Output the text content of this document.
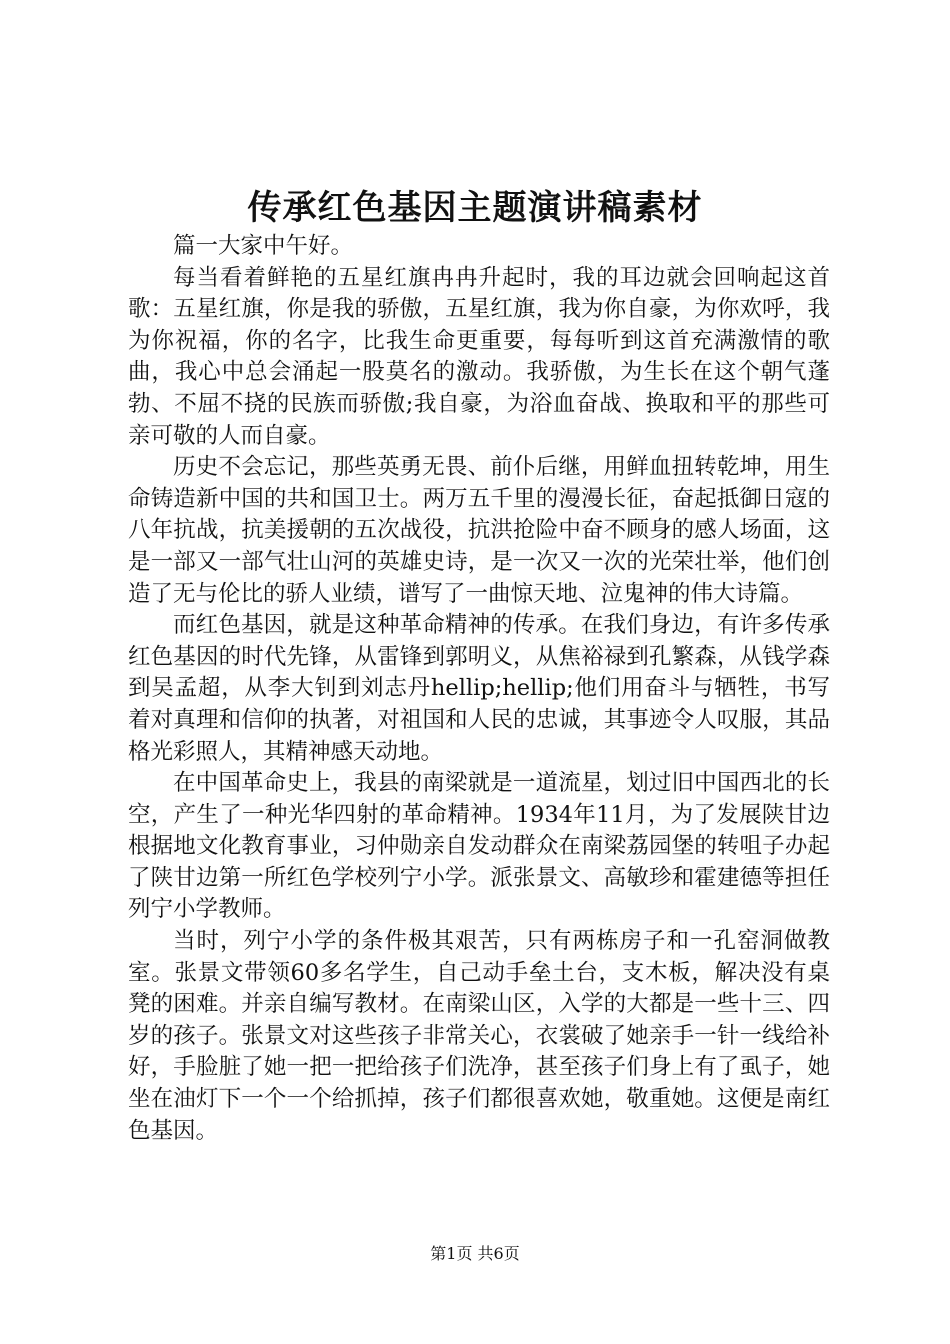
传承红色基因主题演讲稿素材

篇一大家中午好。

每当看着鲜艳的五星红旗冉冉升起时，我的耳边就会回响起这首歌：五星红旗，你是我的骄傲，五星红旗，我为你自豪，为你欢呼，我为你祝福，你的名字，比我生命更重要，每每听到这首充满激情的歌曲，我心中总会涌起一股莫名的激动。我骄傲，为生长在这个朝气蓬勃、不屈不挠的民族而骄傲;我自豪，为浴血奋战、换取和平的那些可亲可敬的人而自豪。

历史不会忘记，那些英勇无畏、前仆后继，用鲜血扭转乾坤，用生命铸造新中国的共和国卫士。两万五千里的漫漫长征，奋起抵御日寇的八年抗战，抗美援朝的五次战役，抗洪抢险中奋不顾身的感人场面，这是一部又一部气壮山河的英雄史诗，是一次又一次的光荣壮举，他们创造了无与伦比的骄人业绩，谱写了一曲惊天地、泣鬼神的伟大诗篇。

而红色基因，就是这种革命精神的传承。在我们身边，有许多传承红色基因的时代先锋，从雷锋到郭明义，从焦裕禄到孔繁森，从钱学森到吴孟超，从李大钊到刘志丹hellip;hellip;他们用奋斗与牺牲，书写着对真理和信仰的执著，对祖国和人民的忠诚，其事迹令人叹服，其品格光彩照人，其精神感天动地。

在中国革命史上，我县的南梁就是一道流星，划过旧中国西北的长空，产生了一种光华四射的革命精神。1934年11月，为了发展陕甘边根据地文化教育事业，习仲勋亲自发动群众在南梁荔园堡的转咀子办起了陕甘边第一所红色学校列宁小学。派张景文、高敏珍和霍建德等担任列宁小学教师。

当时，列宁小学的条件极其艰苦，只有两栋房子和一孔窑洞做教室。张景文带领60多名学生，自己动手垒土台，支木板，解决没有桌凳的困难。并亲自编写教材。在南梁山区，入学的大都是一些十三、四岁的孩子。张景文对这些孩子非常关心，衣裳破了她亲手一针一线给补好，手脸脏了她一把一把给孩子们洗净，甚至孩子们身上有了虱子，她坐在油灯下一个一个给抓掉，孩子们都很喜欢她，敬重她。这便是南红色基因。

第1页 共6页
